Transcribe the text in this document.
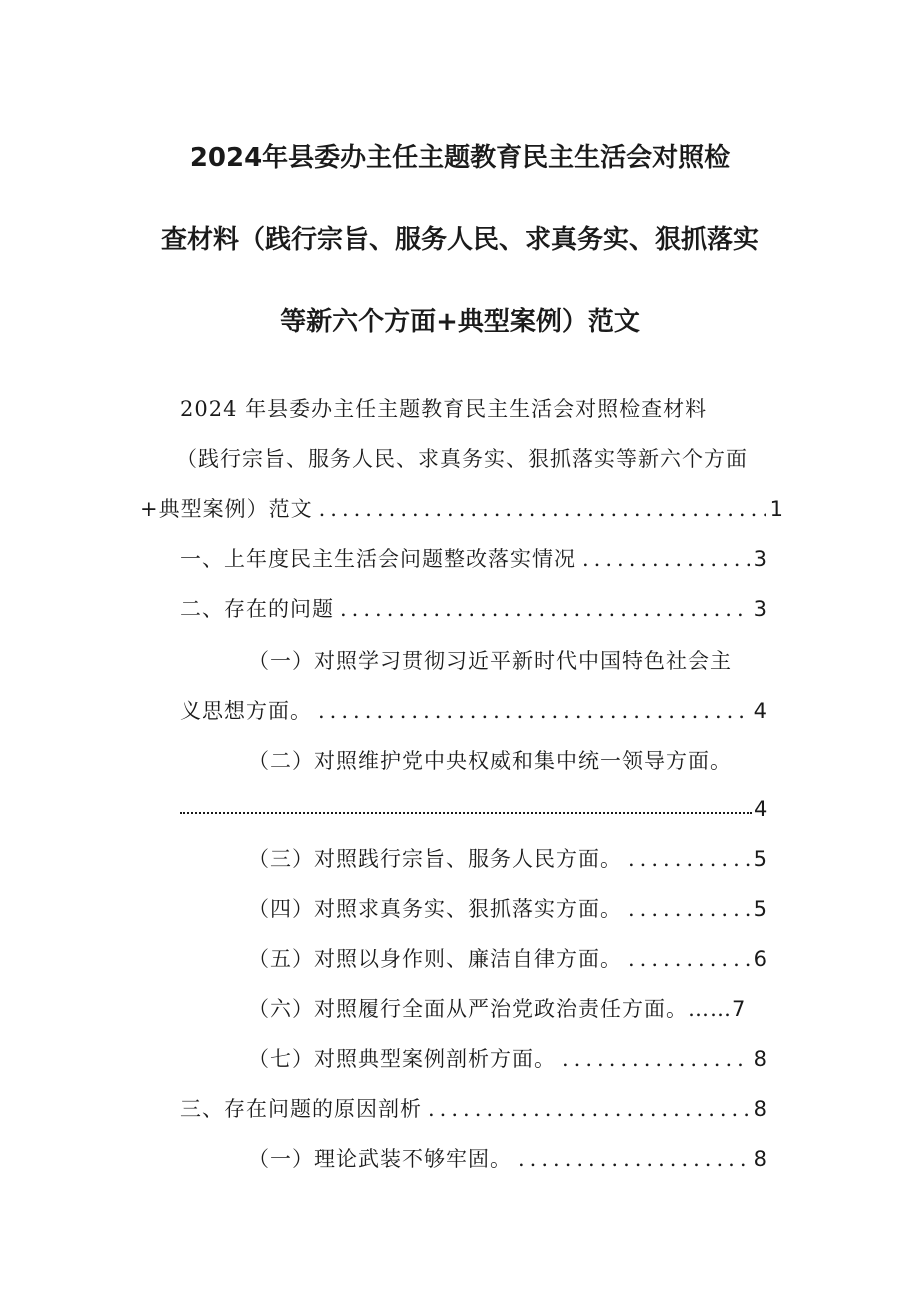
2024年县委办主任主题教育民主生活会对照检
查材料（践行宗旨、服务人民、求真务实、狠抓落实
等新六个方面+典型案例）范文
2024 年县委办主任主题教育民主生活会对照检查材料
（践行宗旨、服务人民、求真务实、狠抓落实等新六个方面
+典型案例）范文 .....	1
一、上年度民主生活会问题整改落实情况 .....	3
二、存在的问题 .....	3
（一）对照学习贯彻习近平新时代中国特色社会主
义思想方面。 .....	4
（二）对照维护党中央权威和集中统一领导方面。
4
（三）对照践行宗旨、服务人民方面。 .....	5
（四）对照求真务实、狠抓落实方面。 .....	5
（五）对照以身作则、廉洁自律方面。 .....	6
（六）对照履行全面从严治党政治责任方面。……7
（七）对照典型案例剖析方面。 .....	8
三、存在问题的原因剖析 .....	8
（一）理论武装不够牢固。 .....	8
